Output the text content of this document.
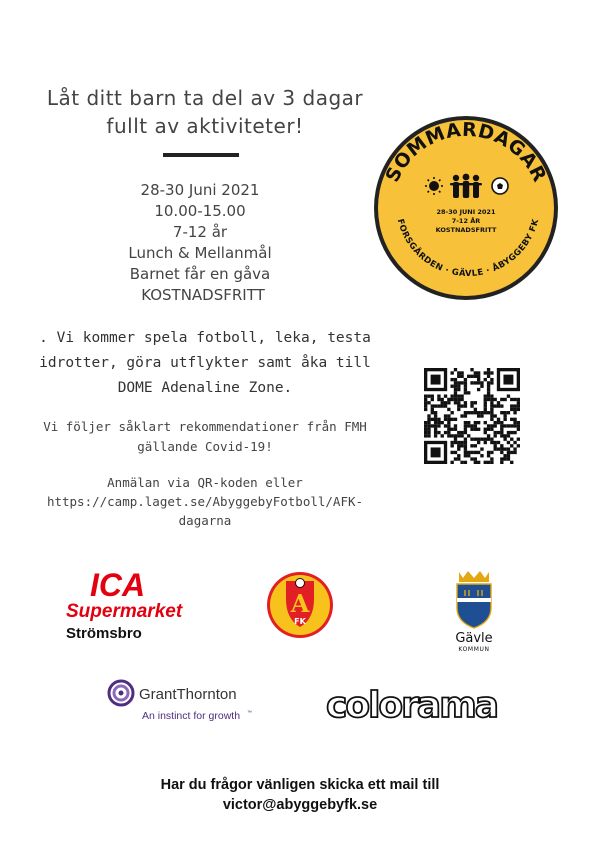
Låt ditt barn ta del av 3 dagar
fullt av aktiviteter!
28-30 Juni 2021
10.00-15.00
7-12 år
Lunch & Mellanmål
Barnet får en gåva
KOSTNADSFRITT
. Vi kommer spela fotboll, leka, testa
idrotter, göra utflykter samt åka till
DOME Adenaline Zone.
Vi följer såklart rekommendationer från FMH
gällande Covid-19!
Anmälan via QR-koden eller
https://camp.laget.se/AbyggebyFotboll/AFK-
dagarna
SOMMARDAGAR
28-30 JUNI 2021
7-12 ÅR
KOSTNADSFRITT
FORSGÅRDEN · GÄVLE · ÅBYGGEBY FK
ICA
Supermarket
Strömsbro
A
FK
Gävle
KOMMUN
GrantThornton
An instinct for growth ™ colorama
Har du frågor vänligen skicka ett mail till
victor@abyggebyfk.se
